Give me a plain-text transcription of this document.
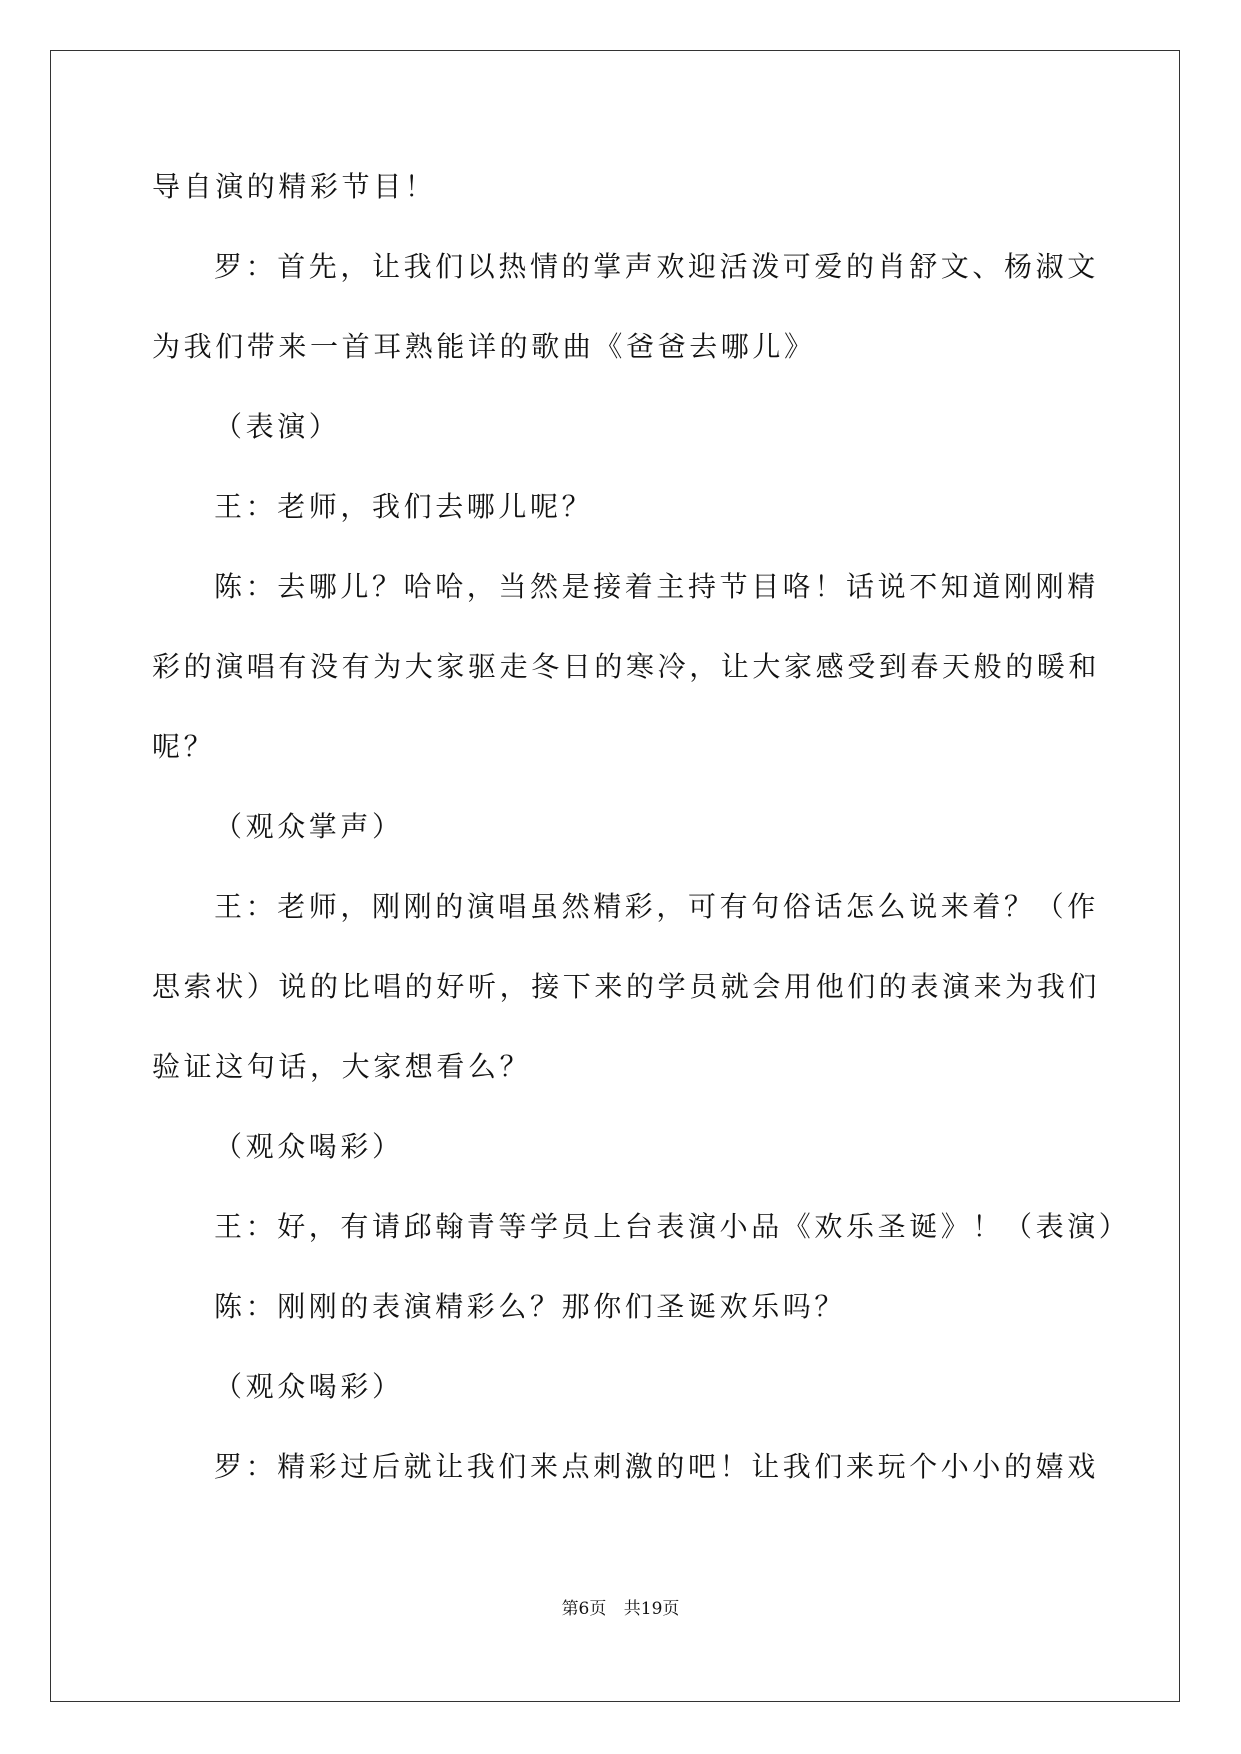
导自演的精彩节目！
罗：首先，让我们以热情的掌声欢迎活泼可爱的肖舒文、杨淑文
为我们带来一首耳熟能详的歌曲《爸爸去哪儿》
（表演）
王：老师，我们去哪儿呢？
陈：去哪儿？哈哈，当然是接着主持节目咯！话说不知道刚刚精
彩的演唱有没有为大家驱走冬日的寒冷，让大家感受到春天般的暖和
呢？
（观众掌声）
王：老师，刚刚的演唱虽然精彩，可有句俗话怎么说来着？（作
思索状）说的比唱的好听，接下来的学员就会用他们的表演来为我们
验证这句话，大家想看么？
（观众喝彩）
王：好，有请邱翰青等学员上台表演小品《欢乐圣诞》！（表演）
陈：刚刚的表演精彩么？那你们圣诞欢乐吗？
（观众喝彩）
罗：精彩过后就让我们来点刺激的吧！让我们来玩个小小的嬉戏
第6页 共19页
